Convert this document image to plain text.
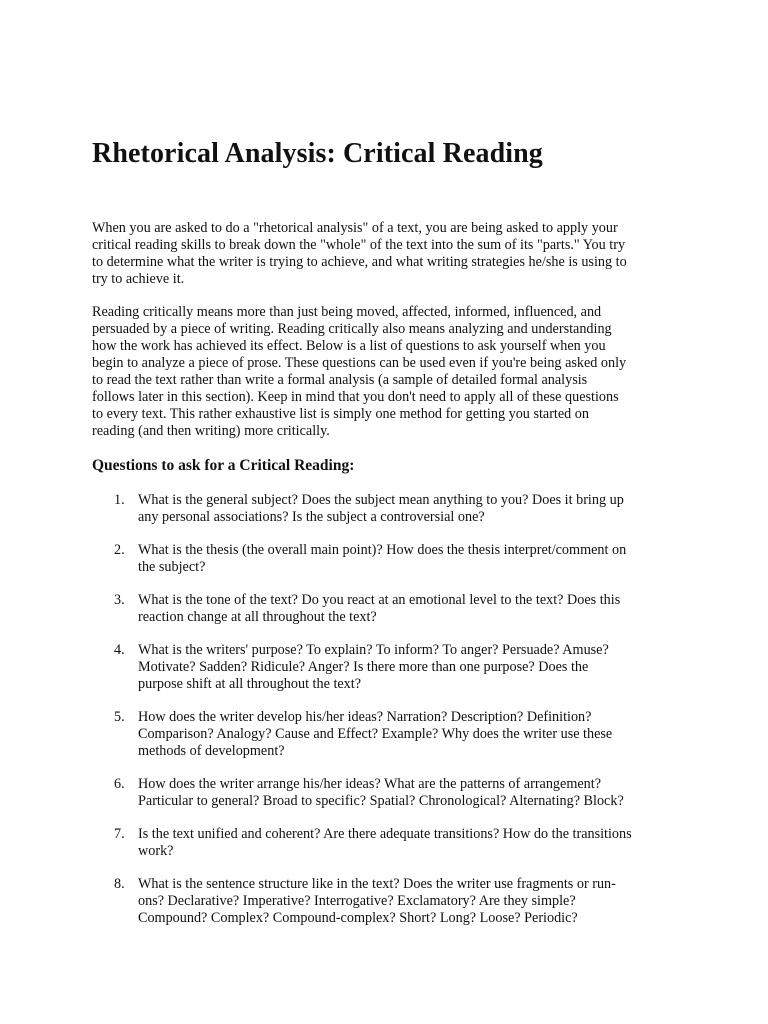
Rhetorical Analysis: Critical Reading

When you are asked to do a "rhetorical analysis" of a text, you are being asked to apply your
critical reading skills to break down the "whole" of the text into the sum of its "parts." You try
to determine what the writer is trying to achieve, and what writing strategies he/she is using to
try to achieve it.

Reading critically means more than just being moved, affected, informed, influenced, and
persuaded by a piece of writing. Reading critically also means analyzing and understanding
how the work has achieved its effect. Below is a list of questions to ask yourself when you
begin to analyze a piece of prose. These questions can be used even if you're being asked only
to read the text rather than write a formal analysis (a sample of detailed formal analysis
follows later in this section). Keep in mind that you don't need to apply all of these questions
to every text. This rather exhaustive list is simply one method for getting you started on
reading (and then writing) more critically.

Questions to ask for a Critical Reading:
1. What is the general subject? Does the subject mean anything to you? Does it bring up
any personal associations? Is the subject a controversial one?
2. What is the thesis (the overall main point)? How does the thesis interpret/comment on
the subject?
3. What is the tone of the text? Do you react at an emotional level to the text? Does this
reaction change at all throughout the text?
4. What is the writers' purpose? To explain? To inform? To anger? Persuade? Amuse?
Motivate? Sadden? Ridicule? Anger? Is there more than one purpose? Does the
purpose shift at all throughout the text?
5. How does the writer develop his/her ideas? Narration? Description? Definition?
Comparison? Analogy? Cause and Effect? Example? Why does the writer use these
methods of development?
6. How does the writer arrange his/her ideas? What are the patterns of arrangement?
Particular to general? Broad to specific? Spatial? Chronological? Alternating? Block?
7. Is the text unified and coherent? Are there adequate transitions? How do the transitions
work?
8. What is the sentence structure like in the text? Does the writer use fragments or run-
ons? Declarative? Imperative? Interrogative? Exclamatory? Are they simple?
Compound? Complex? Compound-complex? Short? Long? Loose? Periodic?
